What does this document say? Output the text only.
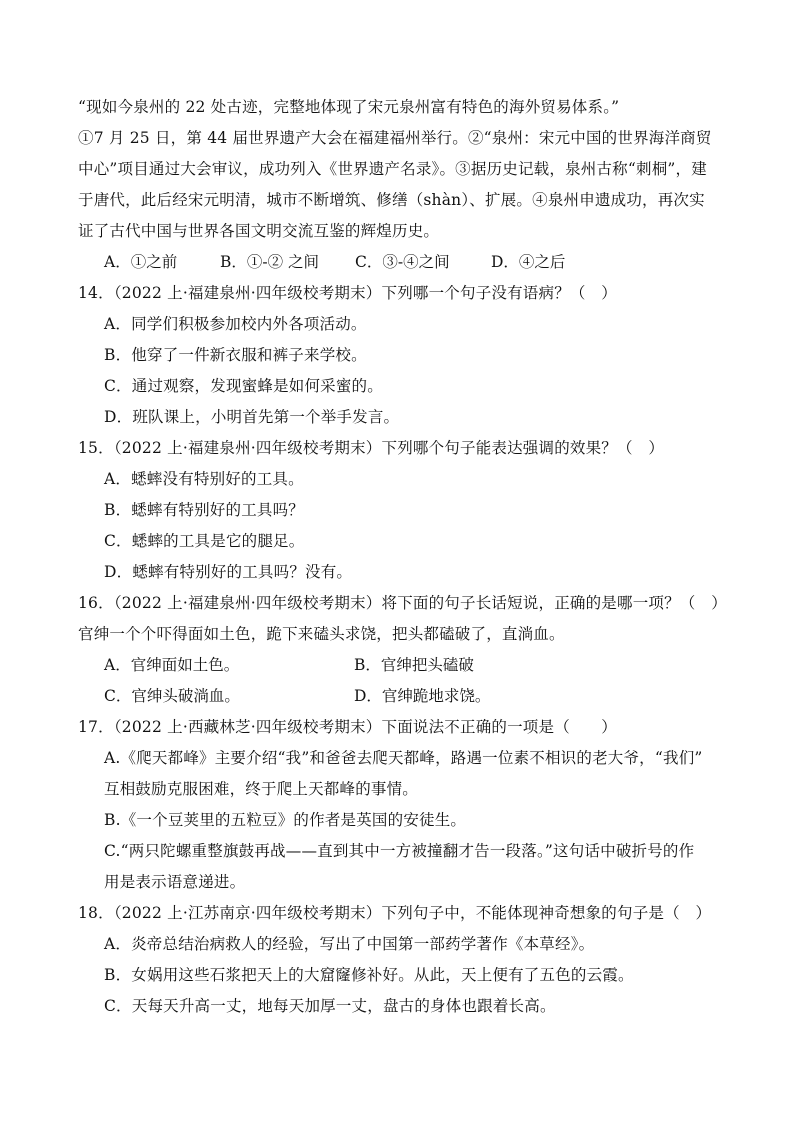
“现如今泉州的 22 处古迹，完整地体现了宋元泉州富有特色的海外贸易体系。”
①7 月 25 日，第 44 届世界遗产大会在福建福州举行。②“泉州：宋元中国的世界海洋商贸
中心”项目通过大会审议，成功列入《世界遗产名录》。③据历史记载，泉州古称“刺桐”，建
于唐代，此后经宋元明清，城市不断增筑、修缮（shàn）、扩展。④泉州申遗成功，再次实
证了古代中国与世界各国文明交流互鉴的辉煌历史。
A．①之前	B．①-② 之间	C．③-④之间	D．④之后
14．（2022 上·福建泉州·四年级校考期末）下列哪一个句子没有语病？（　）
A．同学们积极参加校内外各项活动。
B．他穿了一件新衣服和裤子来学校。
C．通过观察，发现蜜蜂是如何采蜜的。
D．班队课上，小明首先第一个举手发言。
15．（2022 上·福建泉州·四年级校考期末）下列哪个句子能表达强调的效果？（　）
A．蟋蟀没有特别好的工具。
B．蟋蟀有特别好的工具吗？
C．蟋蟀的工具是它的腿足。
D．蟋蟀有特别好的工具吗？没有。
16．（2022 上·福建泉州·四年级校考期末）将下面的句子长话短说，正确的是哪一项？（　）
官绅一个个吓得面如土色，跪下来磕头求饶，把头都磕破了，直淌血。
A．官绅面如土色。	B．官绅把头磕破
C．官绅头破淌血。	D．官绅跪地求饶。
17．（2022 上·西藏林芝·四年级校考期末）下面说法不正确的一项是（　　）
A.《爬天都峰》主要介绍“我”和爸爸去爬天都峰，路遇一位素不相识的老大爷，“我们”
互相鼓励克服困难，终于爬上天都峰的事情。
B.《一个豆荚里的五粒豆》的作者是英国的安徒生。
C.“两只陀螺重整旗鼓再战——直到其中一方被撞翻才告一段落。”这句话中破折号的作
用是表示语意递进。
18．（2022 上·江苏南京·四年级校考期末）下列句子中，不能体现神奇想象的句子是（　）
A．炎帝总结治病救人的经验，写出了中国第一部药学著作《本草经》。
B．女娲用这些石浆把天上的大窟窿修补好。从此，天上便有了五色的云霞。
C．天每天升高一丈，地每天加厚一丈，盘古的身体也跟着长高。
